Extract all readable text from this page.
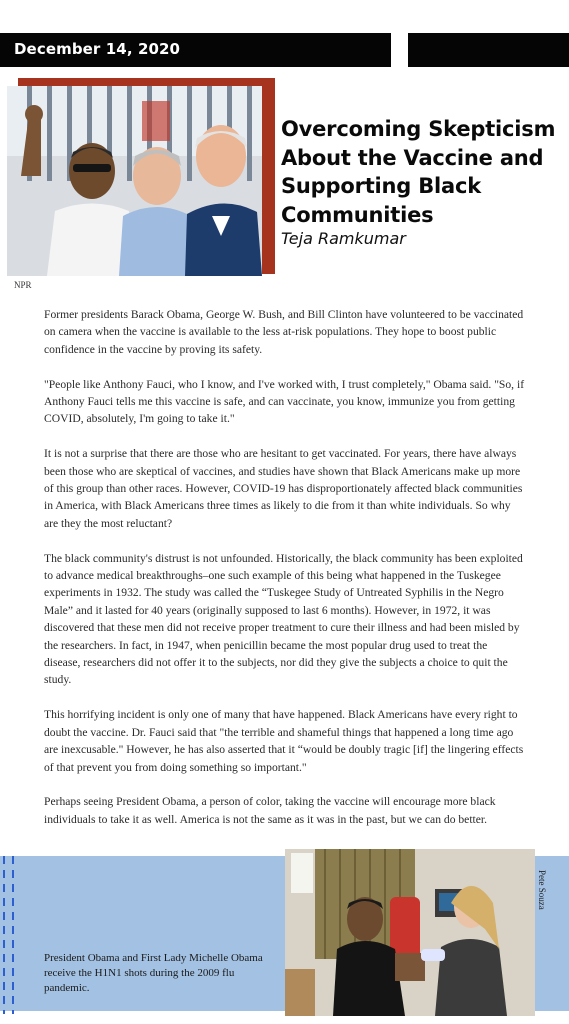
December 14, 2020
NPR
Overcoming Skepticism About the Vaccine and Supporting Black Communities
Teja Ramkumar

Former presidents Barack Obama, George W. Bush, and Bill Clinton have volunteered to be vaccinated on camera when the vaccine is available to the less at-risk populations. They hope to boost public confidence in the vaccine by proving its safety.

"People like Anthony Fauci, who I know, and I've worked with, I trust completely," Obama said. "So, if Anthony Fauci tells me this vaccine is safe, and can vaccinate, you know, immunize you from getting COVID, absolutely, I'm going to take it."

It is not a surprise that there are those who are hesitant to get vaccinated. For years, there have always been those who are skeptical of vaccines, and studies have shown that Black Americans make up more of this group than other races. However, COVID-19 has disproportionately affected black communities in America, with Black Americans three times as likely to die from it than white individuals. So why are they the most reluctant?

The black community's distrust is not unfounded. Historically, the black community has been exploited to advance medical breakthroughs–one such example of this being what happened in the Tuskegee experiments in 1932. The study was called the “Tuskegee Study of Untreated Syphilis in the Negro Male” and it lasted for 40 years (originally supposed to last 6 months). However, in 1972, it was discovered that these men did not receive proper treatment to cure their illness and had been misled by the researchers. In fact, in 1947, when penicillin became the most popular drug used to treat the disease, researchers did not offer it to the subjects, nor did they give the subjects a choice to quit the study.

This horrifying incident is only one of many that have happened. Black Americans have every right to doubt the vaccine. Dr. Fauci said that "the terrible and shameful things that happened a long time ago are inexcusable." However, he has also asserted that it “would be doubly tragic [if] the lingering effects of that prevent you from doing something so important."

Perhaps seeing President Obama, a person of color, taking the vaccine will encourage more black individuals to take it as well. America is not the same as it was in the past, but we can do better.

President Obama and First Lady Michelle Obama receive the H1N1 shots during the 2009 flu pandemic.
Pete Souza
